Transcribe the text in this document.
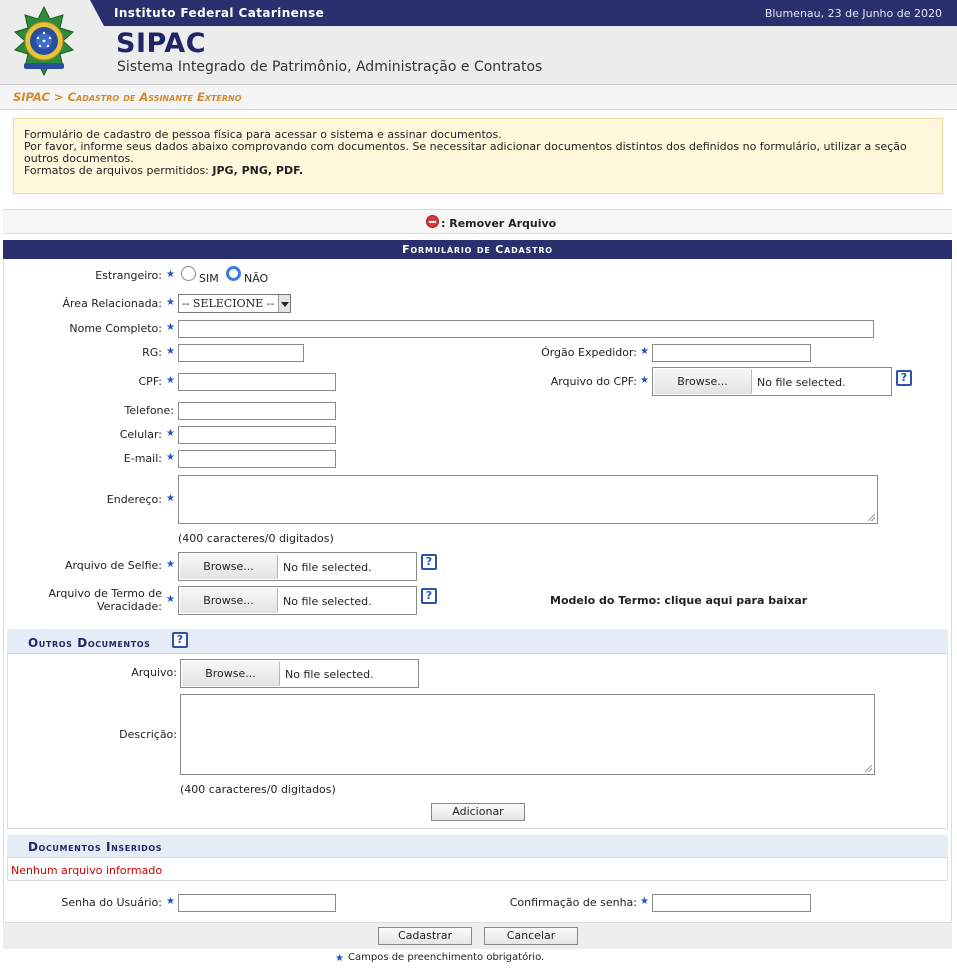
Instituto Federal Catarinense	Blumenau, 23 de Junho de 2020
SIPAC
Sistema Integrado de Patrimônio, Administração e Contratos
SIPAC > Cadastro de Assinante Externo

Formulário de cadastro de pessoa física para acessar o sistema e assinar documentos.

Por favor, informe seus dados abaixo comprovando com documentos. Se necessitar adicionar documentos distintos dos definidos no formulário, utilizar a seção outros documentos.

Formatos de arquivos permitidos: JPG, PNG, PDF.

: Remover Arquivo
Formulário de Cadastro
Estrangeiro: ★ SIM NÃO
Área Relacionada: ★ -- SELECIONE --
Nome Completo: ★
RG: ★	Órgão Expedidor: ★
CPF: ★	Arquivo do CPF: ★	Browse...	No file selected.	?
Telefone:
Celular: ★
E-mail: ★
Endereço: ★
(400 caracteres/0 digitados)
Arquivo de Selfie: ★	Browse...	No file selected.	?
Arquivo de Termo de
Veracidade:
★	Browse...	No file selected.	?	Modelo do Termo: clique aqui para baixar
Outros Documentos	?
Arquivo:	Browse...	No file selected.
Descrição:
(400 caracteres/0 digitados)
Adicionar
Documentos Inseridos
Nenhum arquivo informado
Senha do Usuário: ★	Confirmação de senha: ★
Cadastrar	Cancelar
★ Campos de preenchimento obrigatório.
